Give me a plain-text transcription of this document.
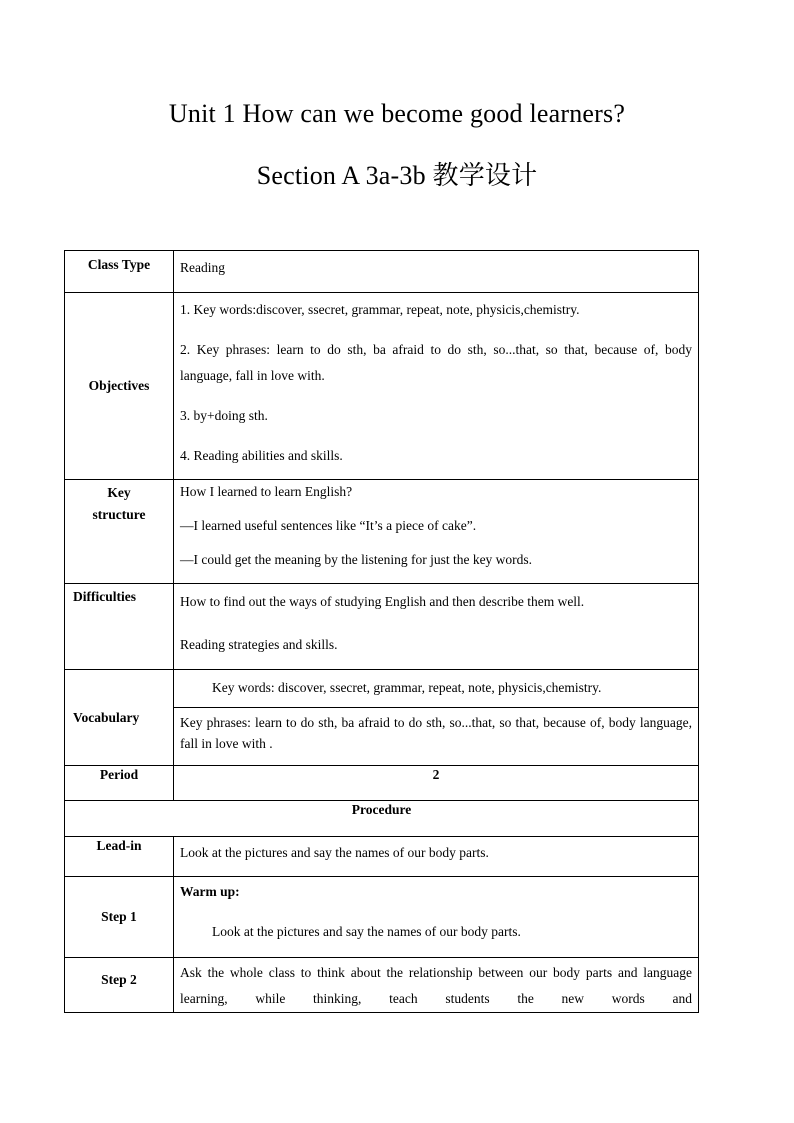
Unit 1 How can we become good learners?
Section A 3a-3b 教学设计
Class Type	Reading

Objectives	1. Key words:discover, ssecret, grammar, repeat, note, physicis,chemistry.

2. Key phrases: learn to do sth, ba afraid to do sth, so...that, so that, because of, body language, fall in love with.

3. by+doing sth.

4. Reading abilities and skills.

Key structure	How I learned to learn English?

—I learned useful sentences like “It’s a piece of cake”.

—I could get the meaning by the listening for just the key words.

Difficulties	How to find out the ways of studying English and then describe them well.

Reading strategies and skills.

Vocabulary	Key words: discover, ssecret, grammar, repeat, note, physicis,chemistry.

	Key phrases: learn to do sth, ba afraid to do sth, so...that, so that, because of, body language, fall in love with .

Period	2

Procedure	

Lead-in	Look at the pictures and say the names of our body parts.

Step 1	Warm up:

Look at the pictures and say the names of our body parts.

Step 2	Ask the whole class to think about the relationship between our body parts and language learning, while thinking, teach students the new words and
